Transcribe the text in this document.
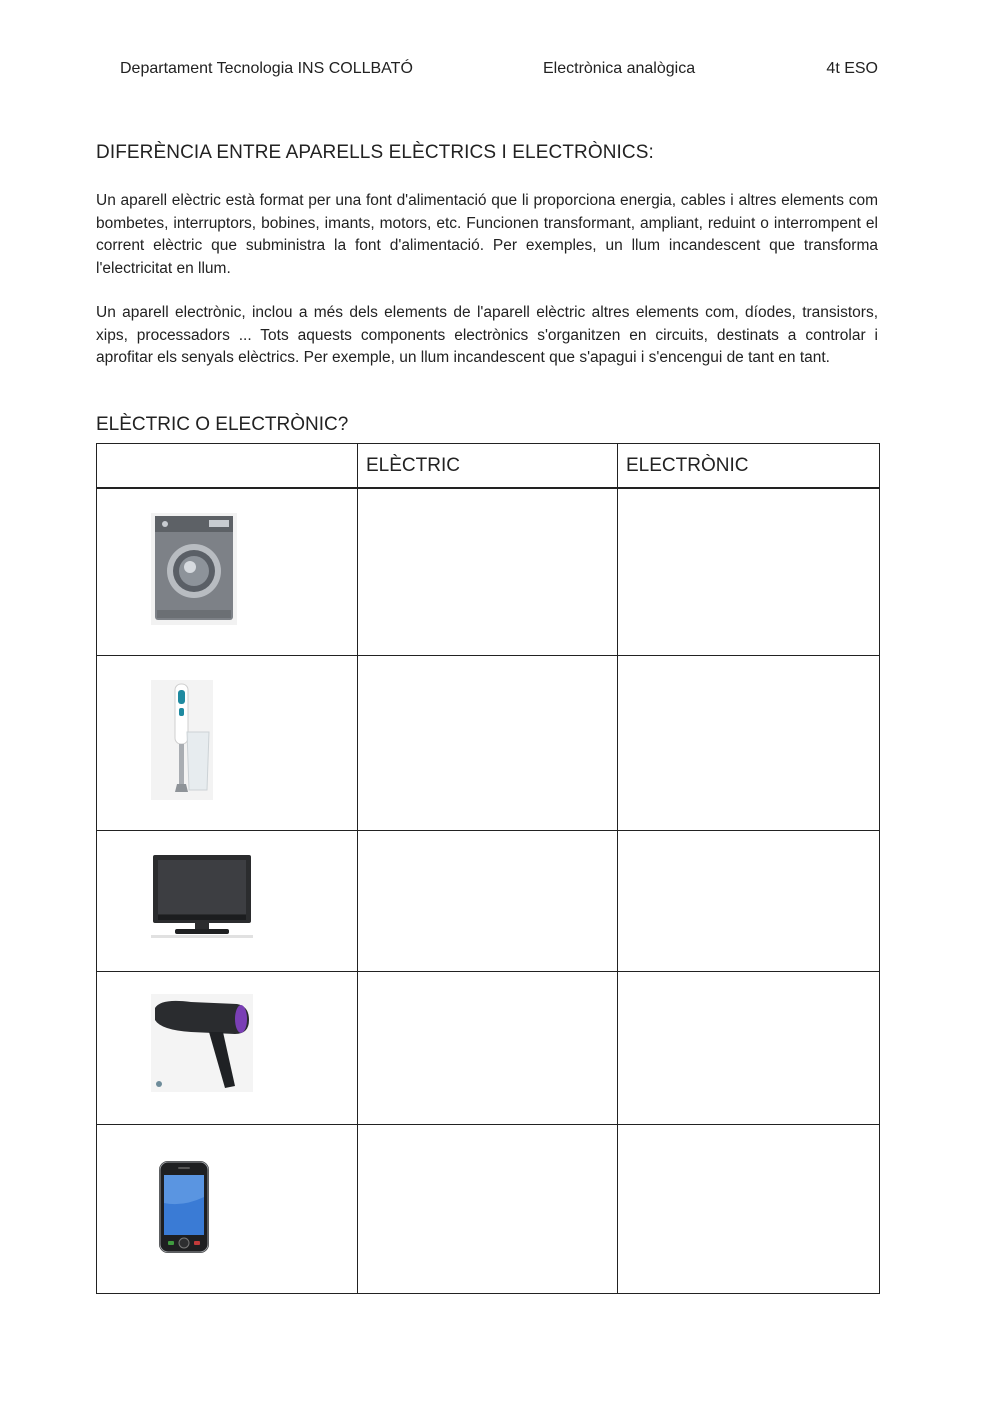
Departament Tecnologia INS COLLBATÓ	Electrònica analògica	4t ESO
DIFERÈNCIA ENTRE APARELLS ELÈCTRICS I ELECTRÒNICS:

Un aparell elèctric està format per una font d'alimentació que li proporciona energia, cables i altres elements com bombetes, interruptors, bobines, imants, motors, etc. Funcionen transformant, ampliant, reduint o interrompent el corrent elèctric que subministra la font d'alimentació. Per exemples, un llum incandescent que transforma l'electricitat en llum.

Un aparell electrònic, inclou a més dels elements de l'aparell elèctric altres elements com, díodes, transistors, xips, processadors ... Tots aquests components electrònics s'organitzen en circuits, destinats a controlar i aprofitar els senyals elèctrics. Per exemple, un llum incandescent que s'apagui i s'encengui de tant en tant.

ELÈCTRIC O ELECTRÒNIC?
	ELÈCTRIC	ELECTRÒNIC
